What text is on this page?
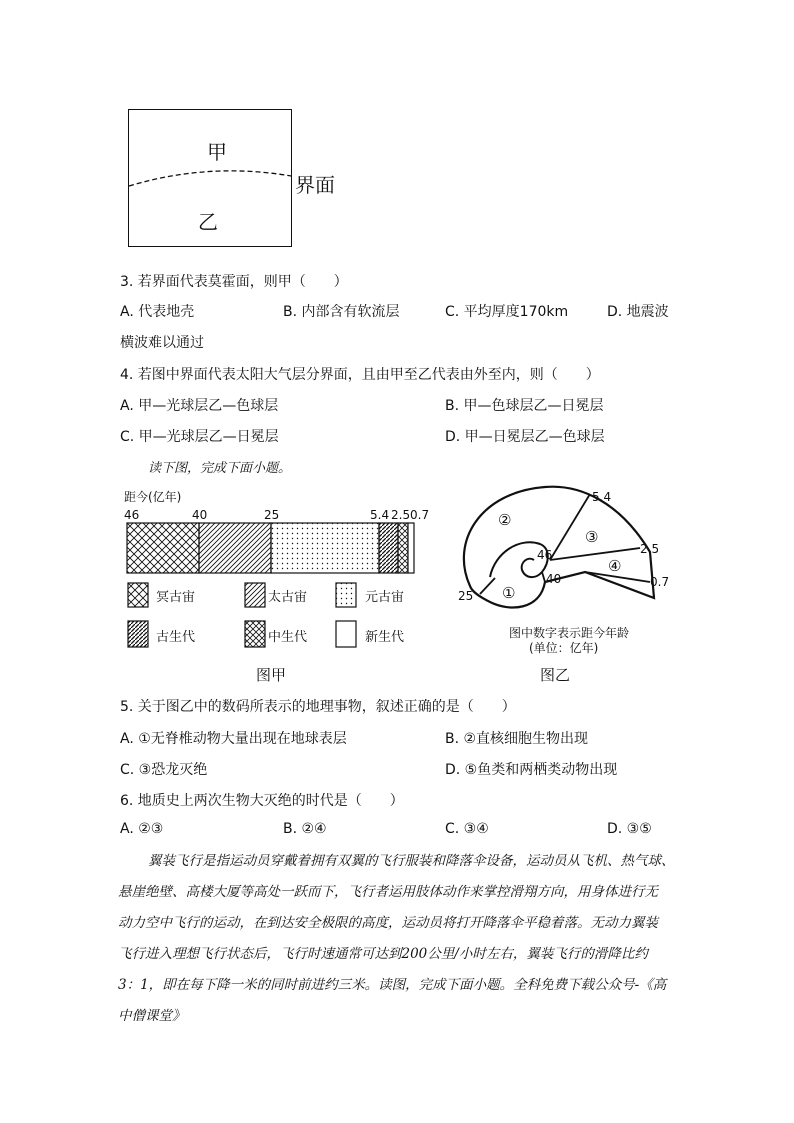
甲
乙
界面
3. 若界面代表莫霍面，则甲（　　）
A. 代表地壳	B. 内部含有软流层	C. 平均厚度170km	D. 地震波
横波难以通过
4. 若图中界面代表太阳大气层分界面，且由甲至乙代表由外至内，则（　　）
A. 甲—光球层乙—色球层	B. 甲—色球层乙—日冕层
C. 甲—光球层乙—日冕层	D. 甲—日冕层乙—色球层
读下图，完成下面小题。
距今(亿年)
46	40	25	5.4 2.5 0.7
冥古宙	太古宙	元古宙
古生代	中生代	新生代
图甲
②
③
④
①
5.4
2.5
0.7
46
40
25
图中数字表示距今年龄
(单位：亿年)
图乙
5. 关于图乙中的数码所表示的地理事物，叙述正确的是（　　）
A. ①无脊椎动物大量出现在地球表层	B. ②直核细胞生物出现
C. ③恐龙灭绝	D. ⑤鱼类和两栖类动物出现
6. 地质史上两次生物大灭绝的时代是（　　）
A. ②③	B. ②④	C. ③④	D. ③⑤

翼装飞行是指运动员穿戴着拥有双翼的飞行服装和降落伞设备，运动员从飞机、热气球、

悬崖绝壁、高楼大厦等高处一跃而下，飞行者运用肢体动作来掌控滑翔方向，用身体进行无

动力空中飞行的运动，在到达安全极限的高度，运动员将打开降落伞平稳着落。无动力翼装

飞行进入理想飞行状态后，飞行时速通常可达到200公里/小时左右，翼装飞行的滑降比约

3：1，即在每下降一米的同时前进约三米。读图，完成下面小题。全科免费下载公众号-《高

中僧课堂》
